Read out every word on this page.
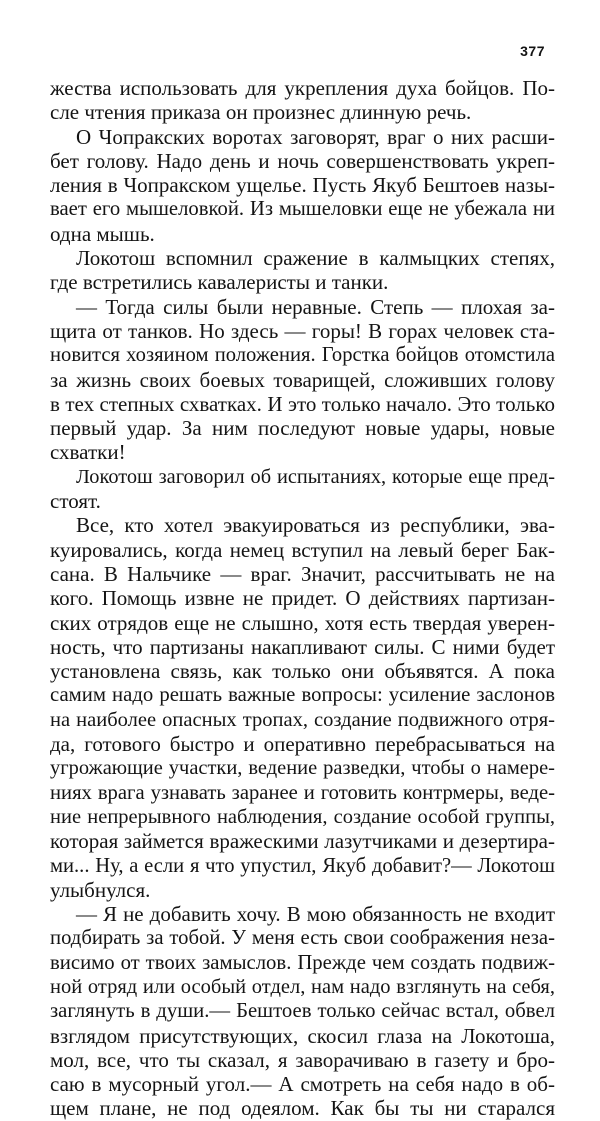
377
жества использовать для укрепления духа бойцов. По-
сле чтения приказа он произнес длинную речь.
О Чопракских воротах заговорят, враг о них расши-
бет голову. Надо день и ночь совершенствовать укреп-
ления в Чопракском ущелье. Пусть Якуб Бештоев назы-
вает его мышеловкой. Из мышеловки еще не убежала ни
одна мышь.
Локотош вспомнил сражение в калмыцких степях,
где встретились кавалеристы и танки.
— Тогда силы были неравные. Степь — плохая за-
щита от танков. Но здесь — горы! В горах человек ста-
новится хозяином положения. Горстка бойцов отомстила
за жизнь своих боевых товарищей, сложивших голову
в тех степных схватках. И это только начало. Это только
первый удар. За ним последуют новые удары, новые
схватки!
Локотош заговорил об испытаниях, которые еще пред-
стоят.
Все, кто хотел эвакуироваться из республики, эва-
куировались, когда немец вступил на левый берег Бак-
сана. В Нальчике — враг. Значит, рассчитывать не на
кого. Помощь извне не придет. О действиях партизан-
ских отрядов еще не слышно, хотя есть твердая уверен-
ность, что партизаны накапливают силы. С ними будет
установлена связь, как только они объявятся. А пока
самим надо решать важные вопросы: усиление заслонов
на наиболее опасных тропах, создание подвижного отря-
да, готового быстро и оперативно перебрасываться на
угрожающие участки, ведение разведки, чтобы о намере-
ниях врага узнавать заранее и готовить контрмеры, веде-
ние непрерывного наблюдения, создание особой группы,
которая займется вражескими лазутчиками и дезертира-
ми... Ну, а если я что упустил, Якуб добавит?— Локотош
улыбнулся.
— Я не добавить хочу. В мою обязанность не входит
подбирать за тобой. У меня есть свои соображения неза-
висимо от твоих замыслов. Прежде чем создать подвиж-
ной отряд или особый отдел, нам надо взглянуть на себя,
заглянуть в души.— Бештоев только сейчас встал, обвел
взглядом присутствующих, скосил глаза на Локотоша,
мол, все, что ты сказал, я заворачиваю в газету и бро-
саю в мусорный угол.— А смотреть на себя надо в об-
щем плане, не под одеялом. Как бы ты ни старался
